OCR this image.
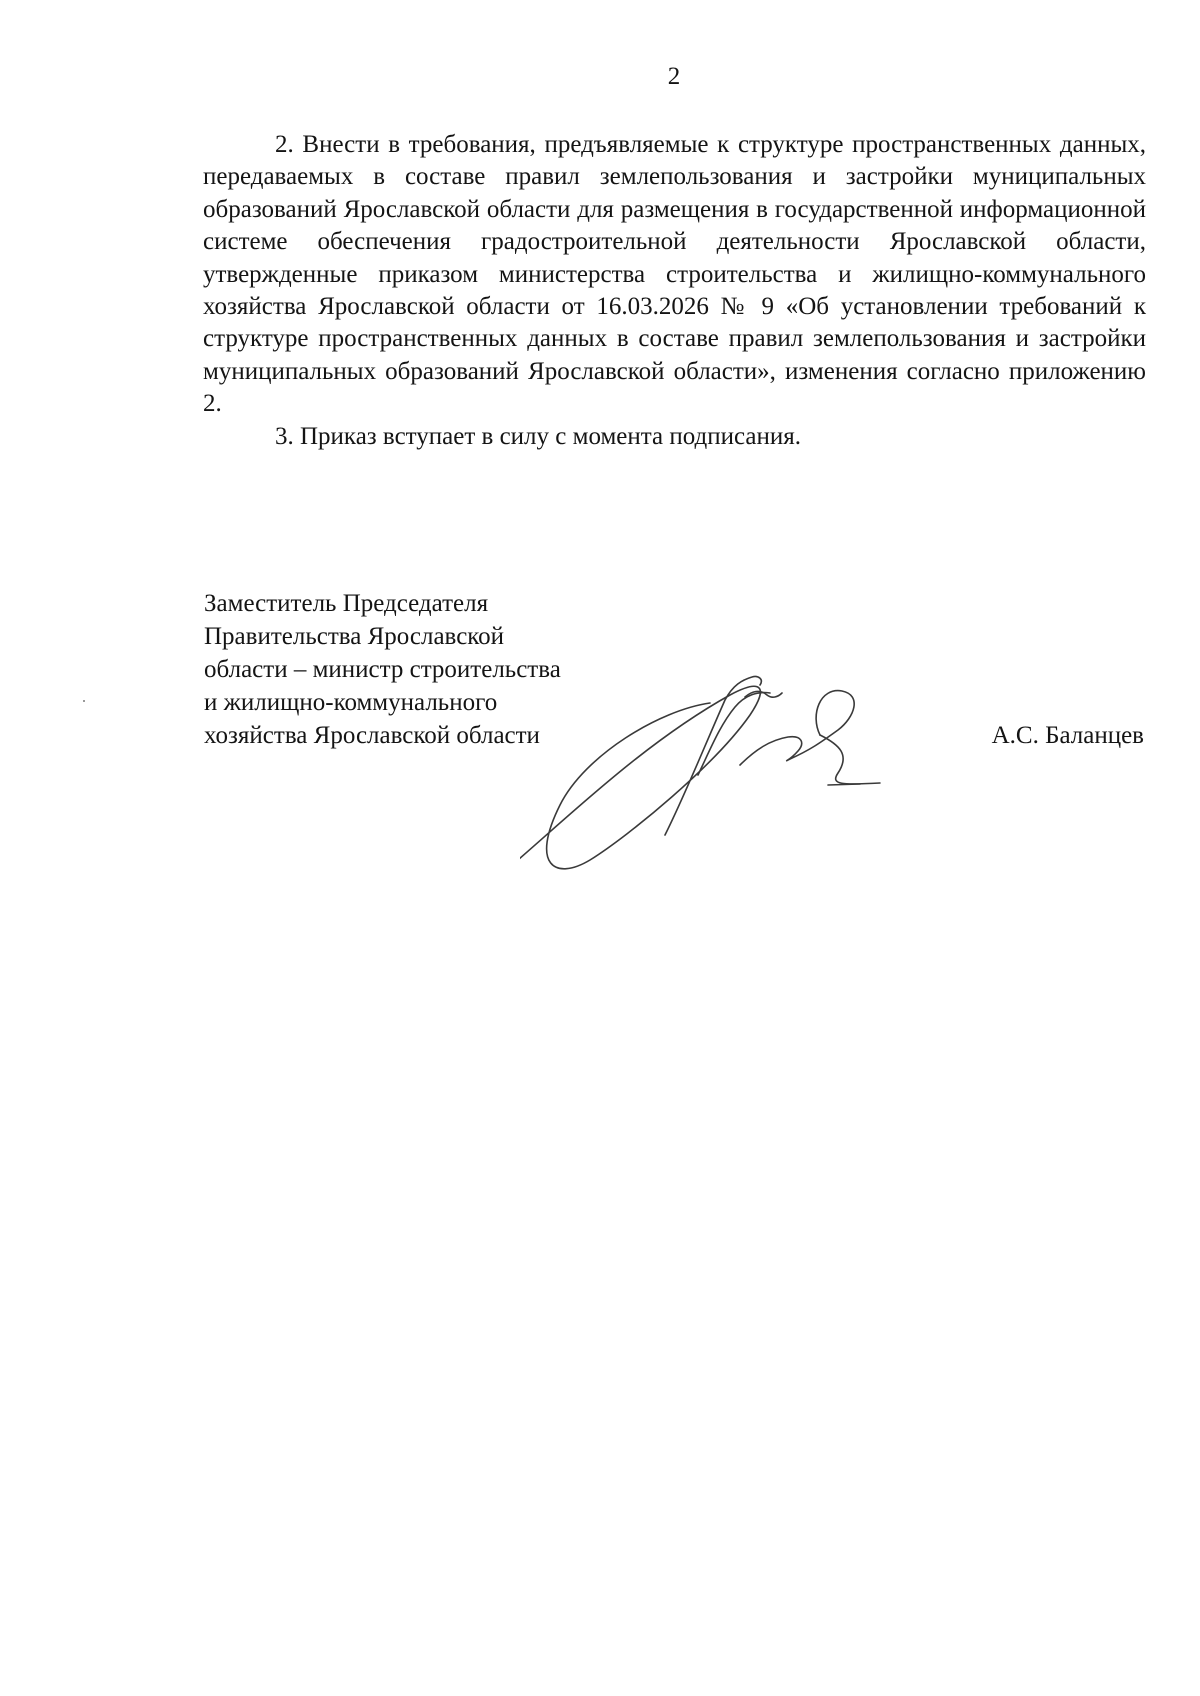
2

2. Внести в требования, предъявляемые к структуре пространственных данных, передаваемых в составе правил землепользования и застройки муниципальных образований Ярославской области для размещения в государственной информационной системе обеспечения градостроительной деятельности Ярославской области, утвержденные приказом министерства строительства и жилищно-коммунального хозяйства Ярославской области от 16.03.2026 № 9 «Об установлении требований к структуре пространственных данных в составе правил землепользования и застройки муниципальных образований Ярославской области», изменения согласно приложению 2.

3. Приказ вступает в силу с момента подписания.

Заместитель Председателя
Правительства Ярославской
области – министр строительства
и жилищно-коммунального
хозяйства Ярославской области	А.С. Баланцев
